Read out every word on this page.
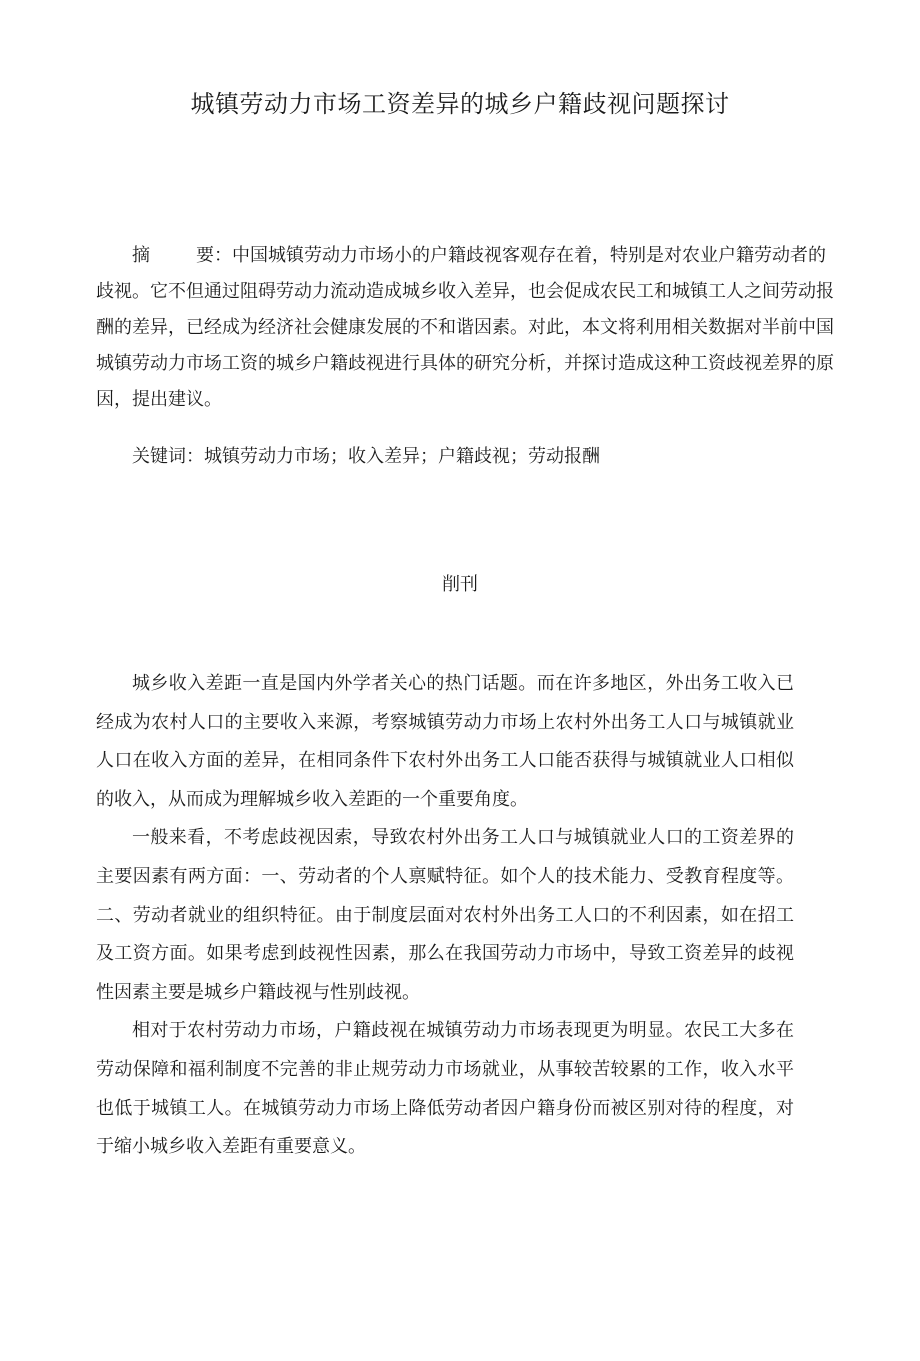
城镇劳动力市场工资差异的城乡户籍歧视问题探讨

摘	要：中国城镇劳动力市场小的户籍歧视客观存在着，特别是对农业户籍劳动者的歧视。它不但通过阻碍劳动力流动造成城乡收入差异，也会促成农民工和城镇工人之间劳动报酬的差异，已经成为经济社会健康发展的不和谐因素。对此，本文将利用相关数据对半前中国城镇劳动力市场工资的城乡户籍歧视进行具体的研究分析，并探讨造成这种工资歧视差界的原因，提出建议。

关键词：城镇劳动力市场；收入差异；户籍歧视；劳动报酬

削刊

城乡收入差距一直是国内外学者关心的热门话题。而在许多地区，外出务工收入已经成为农村人口的主要收入来源，考察城镇劳动力市场上农村外出务工人口与城镇就业人口在收入方面的差异，在相同条件下农村外出务工人口能否获得与城镇就业人口相似的收入，从而成为理解城乡收入差距的一个重要角度。

一般来看，不考虑歧视因索，导致农村外出务工人口与城镇就业人口的工资差界的主要因素有两方面：一、劳动者的个人禀赋特征。如个人的技术能力、受教育程度等。二、劳动者就业的组织特征。由于制度层面对农村外出务工人口的不利因素，如在招工及工资方面。如果考虑到歧视性因素，那么在我国劳动力市场中，导致工资差异的歧视性因素主要是城乡户籍歧视与性别歧视。

相对于农村劳动力市场，户籍歧视在城镇劳动力市场表现更为明显。农民工大多在劳动保障和福利制度不完善的非止规劳动力市场就业，从事较苦较累的工作，收入水平也低于城镇工人。在城镇劳动力市场上降低劳动者因户籍身份而被区别对待的程度，对于缩小城乡收入差距有重要意义。
